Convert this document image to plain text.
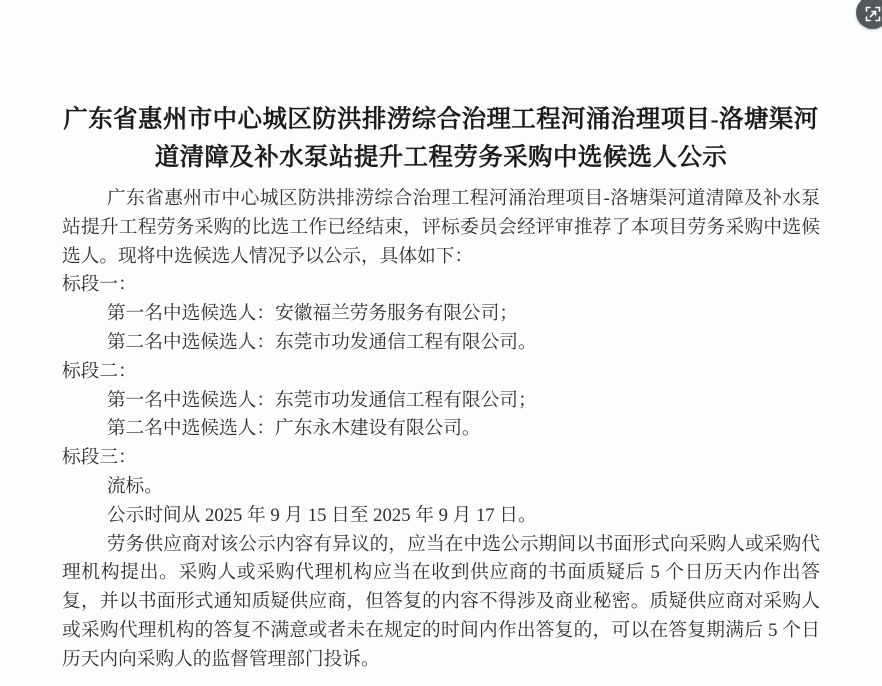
广东省惠州市中心城区防洪排涝综合治理工程河涌治理项目-洛塘渠河道清障及补水泵站提升工程劳务采购中选候选人公示

广东省惠州市中心城区防洪排涝综合治理工程河涌治理项目-洛塘渠河道清障及补水泵站提升工程劳务采购的比选工作已经结束，评标委员会经评审推荐了本项目劳务采购中选候选人。现将中选候选人情况予以公示，具体如下：

标段一：

第一名中选候选人：安徽福兰劳务服务有限公司；

第二名中选候选人：东莞市功发通信工程有限公司。

标段二：

第一名中选候选人：东莞市功发通信工程有限公司；

第二名中选候选人：广东永木建设有限公司。

标段三：

流标。

公示时间从 2025 年 9 月 15 日至 2025 年 9 月 17 日。

劳务供应商对该公示内容有异议的，应当在中选公示期间以书面形式向采购人或采购代理机构提出。采购人或采购代理机构应当在收到供应商的书面质疑后 5 个日历天内作出答复，并以书面形式通知质疑供应商，但答复的内容不得涉及商业秘密。质疑供应商对采购人或采购代理机构的答复不满意或者未在规定的时间内作出答复的，可以在答复期满后 5 个日历天内向采购人的监督管理部门投诉。
